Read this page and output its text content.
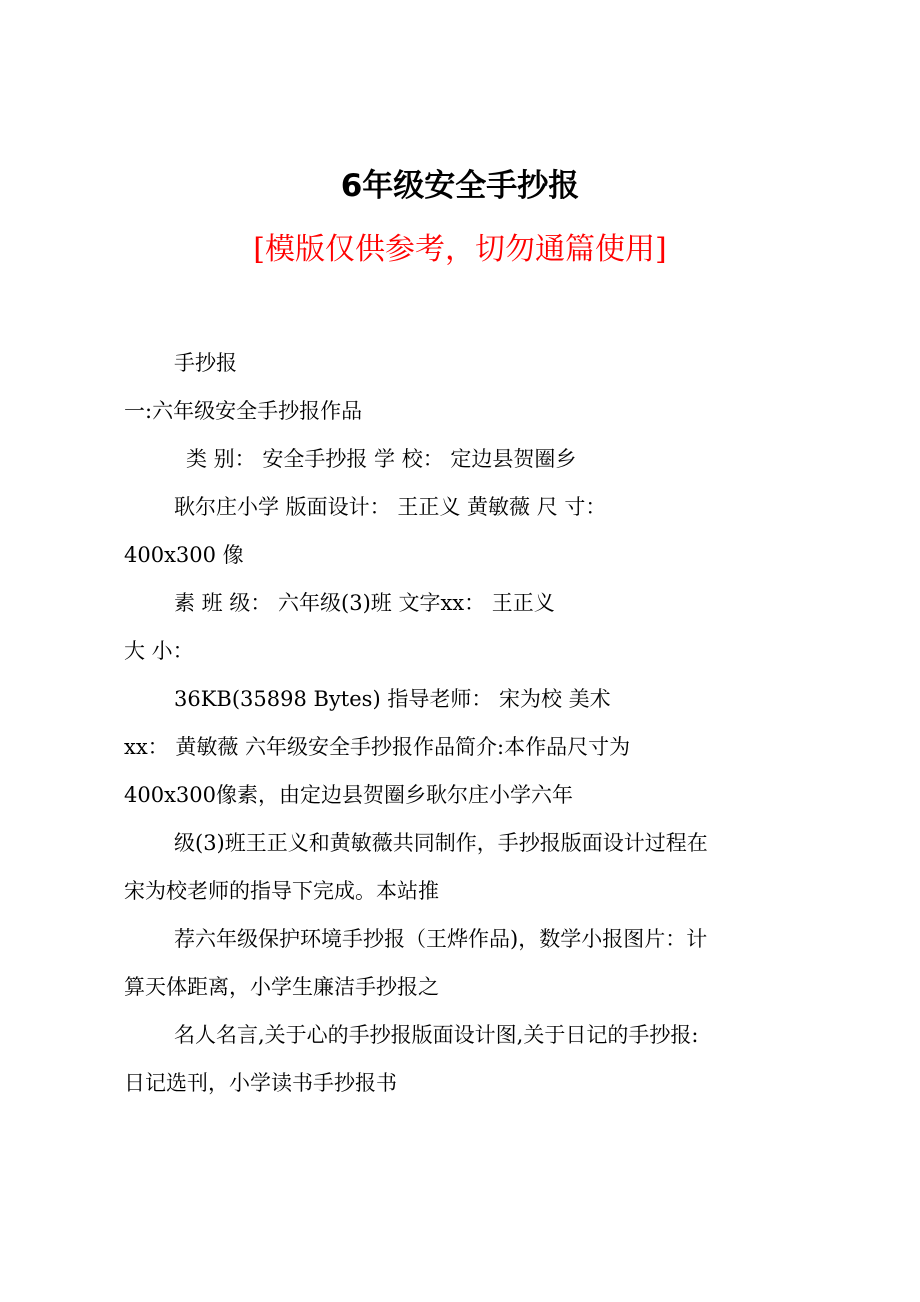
6年级安全手抄报
[模版仅供参考，切勿通篇使用]
手抄报
一:六年级安全手抄报作品
类 别： 安全手抄报 学 校： 定边县贺圈乡
耿尔庄小学 版面设计： 王正义 黄敏薇 尺 寸：
400x300 像
素 班 级： 六年级(3)班 文字xx： 王正义
大 小：
36KB(35898 Bytes) 指导老师： 宋为校 美术
xx： 黄敏薇 六年级安全手抄报作品简介:本作品尺寸为
400x300像素，由定边县贺圈乡耿尔庄小学六年
级(3)班王正义和黄敏薇共同制作，手抄报版面设计过程在
宋为校老师的指导下完成。本站推
荐六年级保护环境手抄报（王烨作品)，数学小报图片：计
算天体距离，小学生廉洁手抄报之
名人名言,关于心的手抄报版面设计图,关于日记的手抄报:
日记选刊，小学读书手抄报书
